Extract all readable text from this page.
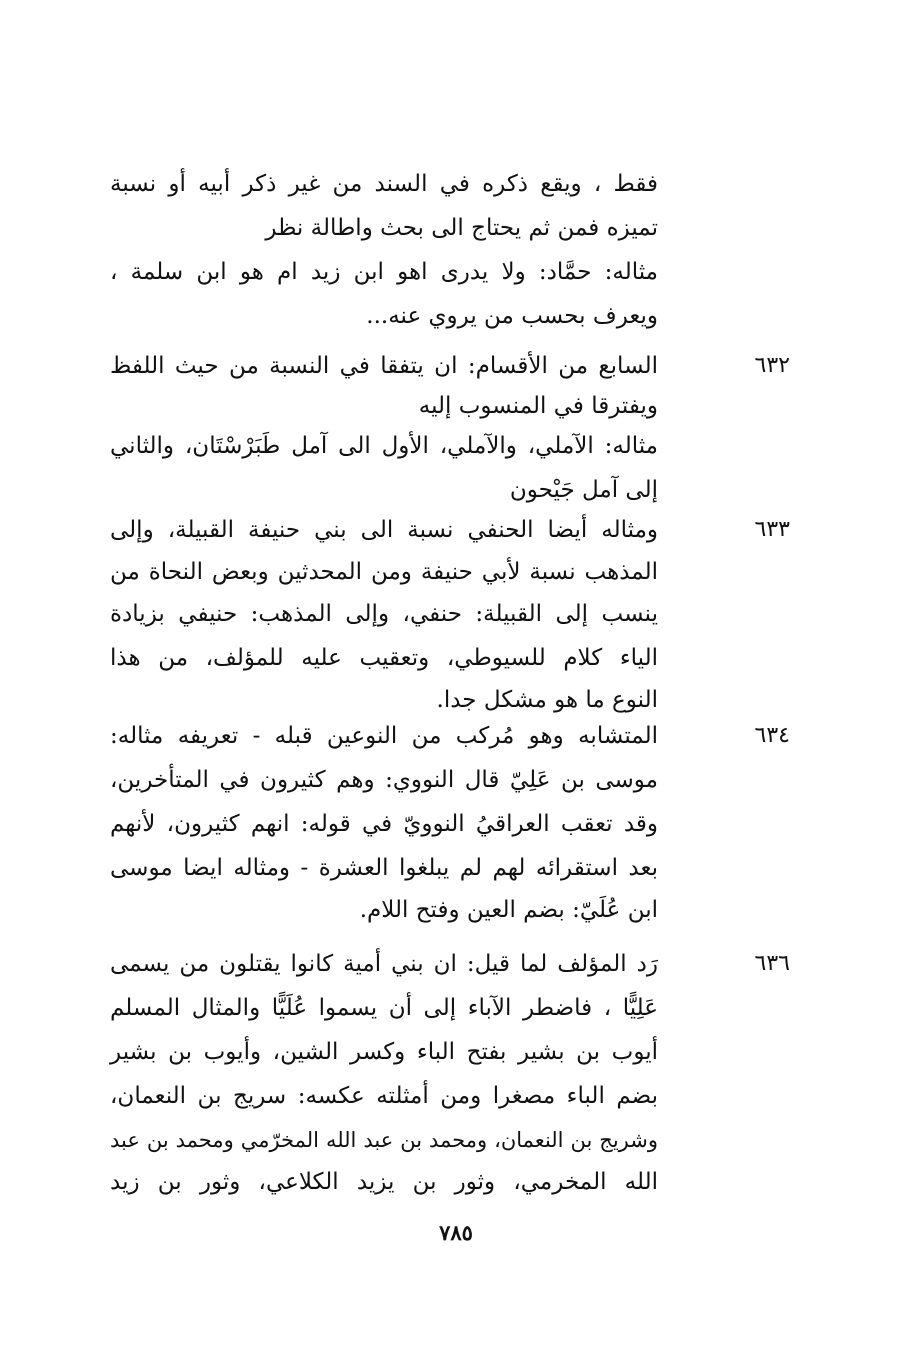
فقط ، ويقع ذكره في السند من غير ذكر أبيه أو نسبة
تميزه فمن ثم يحتاج الى بحث واطالة نظر
مثاله: حمَّاد: ولا يدرى اهو ابن زيد ام هو ابن سلمة ،
ويعرف بحسب من يروي عنه...
٦٣٢
السابع من الأقسام: ان يتفقا في النسبة من حيث اللفظ
ويفترقا في المنسوب إليه
مثاله: الآملي، والآملي، الأول الى آمل طَبَرْسْتَان، والثاني
إلى آمل جَيْحون
٦٣٣
ومثاله أيضا الحنفي نسبة الى بني حنيفة القبيلة، وإلى
المذهب نسبة لأبي حنيفة ومن المحدثين وبعض النحاة من
ينسب إلى القبيلة: حنفي، وإلى المذهب: حنيفي بزيادة
الياء كلام للسيوطي، وتعقيب عليه للمؤلف، من هذا
النوع ما هو مشكل جدا.
٦٣٤
المتشابه وهو مُركب من النوعين قبله - تعريفه مثاله:
موسى بن عَلِيّ قال النووي: وهم كثيرون في المتأخرين،
وقد تعقب العراقيُ النوويّ في قوله: انهم كثيرون، لأنهم
بعد استقرائه لهم لم يبلغوا العشرة - ومثاله ايضا موسى
ابن عُلَيّ: بضم العين وفتح اللام.
٦٣٦
رَد المؤلف لما قيل: ان بني أمية كانوا يقتلون من يسمى
عَلِيًّا ، فاضطر الآباء إلى أن يسموا عُلَيًّا والمثال المسلم
أيوب بن بشير بفتح الباء وكسر الشين، وأيوب بن بشير
بضم الباء مصغرا ومن أمثلته عكسه: سريج بن النعمان،
وشريج بن النعمان، ومحمد بن عبد الله المخرّمي ومحمد بن عبد
الله المخرمي، وثور بن يزيد الكلاعي، وثور بن زيد
٧٨٥
